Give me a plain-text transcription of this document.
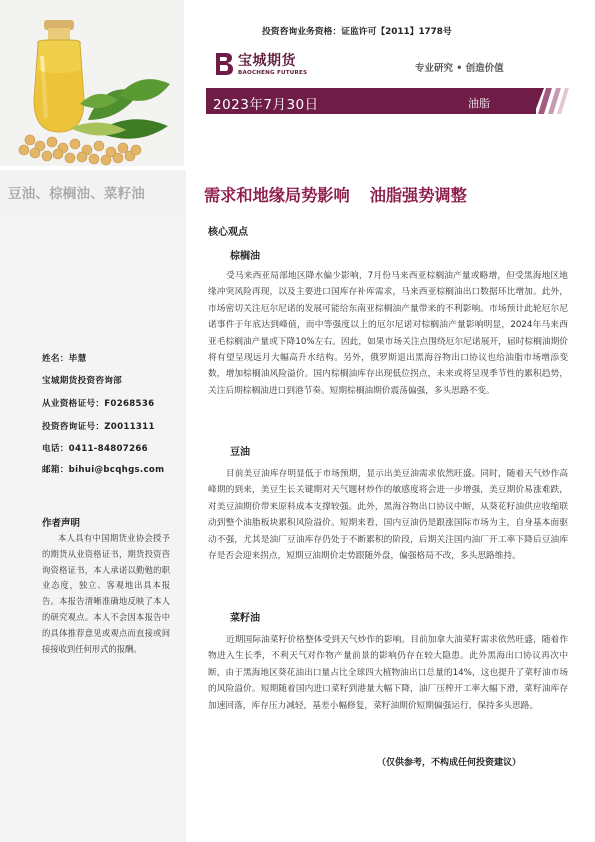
豆油、棕榈油、菜籽油
投资咨询业务资格：证监许可【2011】1778号
宝城期货
BAOCHENG FUTURES	专业研究 • 创造价值
2023年7月30日	油脂
需求和地缘局势影响 油脂强势调整
核心观点
棕榈油
受马来西亚局部地区降水偏少影响，7月份马来西亚棕榈油产量或略增，但受黑海地区地缘冲突风险再现，以及主要进口国库存补库需求，马来西亚棕榈油出口数据环比增加。此外，市场密切关注厄尔尼诺的发展可能给东南亚棕榈油产量带来的不利影响。市场预计此轮厄尔尼诺事件于年底达到峰值，而中等强度以上的厄尔尼诺对棕榈油产量影响明显，2024年马来西亚毛棕榈油产量或下降10%左右。因此，如果市场关注点围绕厄尔尼诺展开，届时棕榈油期价将有望呈现远月大幅高升水结构。另外，俄罗斯退出黑海谷物出口协议也给油脂市场增添变数，增加棕榈油风险溢价。国内棕榈油库存出现低位拐点，未来或将呈现季节性的累积趋势，关注后期棕榈油进口到港节奏。短期棕榈油期价震荡偏强，多头思路不变。
豆油
目前美豆油库存明显低于市场预期，显示出美豆油需求依然旺盛。同时，随着天气炒作高峰期的到来，美豆生长关键期对天气题材炒作的敏感度将会进一步增强，美豆期价易涨难跌，对美豆油期价带来原料成本支撑较强。此外，黑海谷物出口协议中断，从葵花籽油供应收缩联动到整个油脂板块累积风险溢价。短期来看，国内豆油仍是跟涨国际市场为主，自身基本面驱动不强，尤其是油厂豆油库存仍处于不断累积的阶段，后期关注国内油厂开工率下降后豆油库存是否会迎来拐点，短期豆油期价走势跟随外盘，偏强格局不改，多头思路维持。
菜籽油
近期国际油菜籽价格整体受到天气炒作的影响。目前加拿大油菜籽需求依然旺盛，随着作物进入生长季，不利天气对作物产量前景的影响仍存在较大隐患。此外黑海出口协议再次中断，由于黑海地区葵花油出口量占比全球四大植物油出口总量的14%，这也提升了菜籽油市场的风险溢价。短期随着国内进口菜籽到港量大幅下降，油厂压榨开工率大幅下滑，菜籽油库存加速回落，库存压力减轻，基差小幅修复，菜籽油期价短期偏强运行，保持多头思路。
（仅供参考，不构成任何投资建议）
姓名：毕慧
宝城期货投资咨询部
从业资格证号：F0268536
投资咨询证号：Z0011311
电话：0411-84807266
邮箱：bihui@bcqhgs.com
作者声明
本人具有中国期货业协会授予的期货从业资格证书，期货投资咨询资格证书，本人承诺以勤勉的职业态度，独立、客观地出具本报告。本报告清晰准确地反映了本人的研究观点。本人不会因本报告中的具体推荐意见或观点而直接或间接接收到任何形式的报酬。
